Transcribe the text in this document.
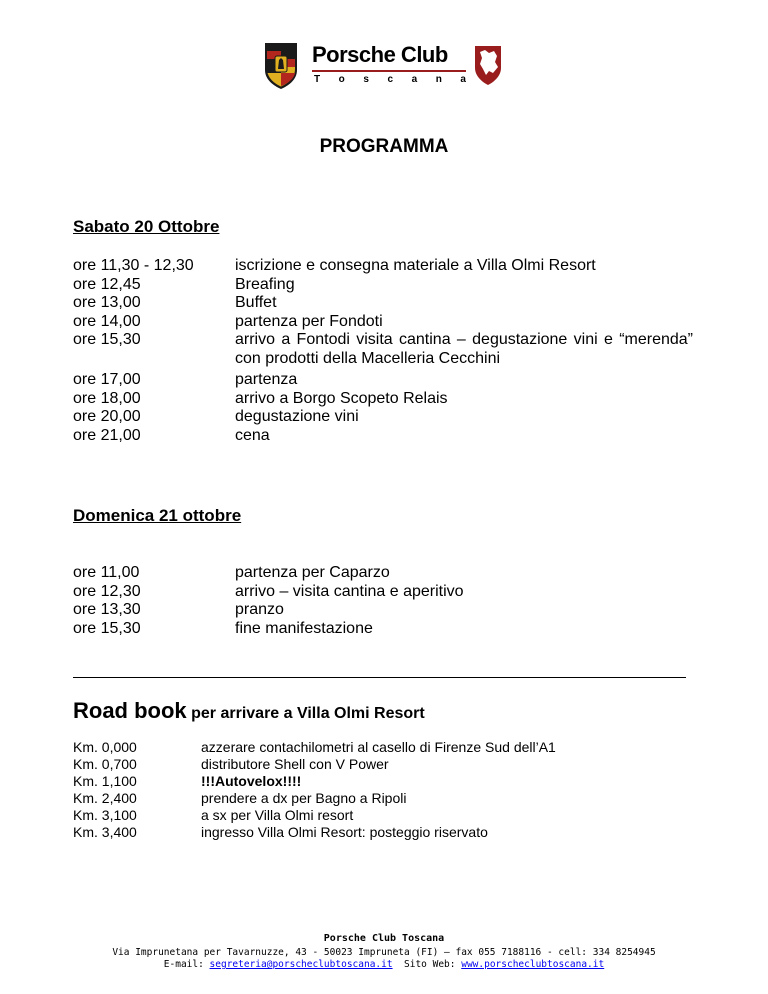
Porsche Club
T o s c a n a
PROGRAMMA
Sabato 20 Ottobre
ore 11,30 - 12,30	iscrizione e consegna materiale a Villa Olmi Resort
ore 12,45	Breafing
ore 13,00	Buffet
ore 14,00	partenza per Fondoti
ore 15,30	arrivo a Fontodi visita cantina – degustazione vini e “merenda” con prodotti della Macelleria Cecchini
ore 17,00	partenza
ore 18,00	arrivo a Borgo Scopeto Relais
ore 20,00	degustazione vini
ore 21,00	cena
Domenica 21 ottobre
ore 11,00	partenza per Caparzo
ore 12,30	arrivo – visita cantina e aperitivo
ore 13,30	pranzo
ore 15,30	fine manifestazione
Road book per arrivare a Villa Olmi Resort
Km. 0,000	azzerare contachilometri al casello di Firenze Sud dell’A1
Km. 0,700	distributore Shell con V Power
Km. 1,100	!!!Autovelox!!!!
Km. 2,400	prendere a dx per Bagno a Ripoli
Km. 3,100	a sx per Villa Olmi resort
Km. 3,400	ingresso Villa Olmi Resort: posteggio riservato
Porsche Club Toscana
Via Imprunetana per Tavarnuzze, 43 - 50023 Impruneta (FI) – fax 055 7188116 - cell: 334 8254945
E-mail: segreteria@porscheclubtoscana.it  Sito Web: www.porscheclubtoscana.it
